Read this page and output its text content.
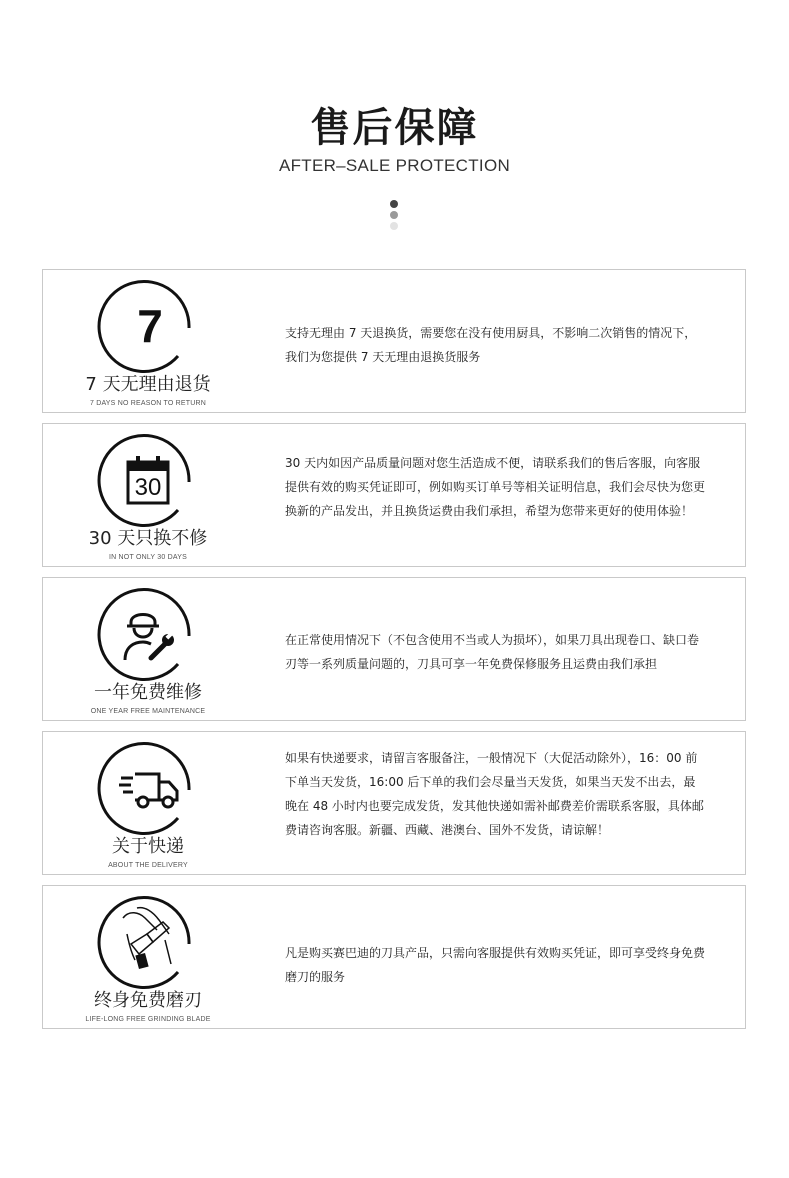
售后保障
AFTER–SALE PROTECTION
7
7 天无理由退货
7 DAYS NO REASON TO RETURN
支持无理由 7 天退换货，需要您在没有使用厨具，不影响二次销售的情况下，我们为您提供 7 天无理由退换货服务
30
30 天只换不修
IN NOT ONLY 30 DAYS
30 天内如因产品质量问题对您生活造成不便，请联系我们的售后客服，向客服提供有效的购买凭证即可，例如购买订单号等相关证明信息，我们会尽快为您更换新的产品发出，并且换货运费由我们承担，希望为您带来更好的使用体验！
一年免费维修
ONE YEAR FREE MAINTENANCE
在正常使用情况下（不包含使用不当或人为损坏），如果刀具出现卷口、缺口卷刃等一系列质量问题的，刀具可享一年免费保修服务且运费由我们承担
关于快递
ABOUT THE DELIVERY
如果有快递要求，请留言客服备注，一般情况下（大促活动除外），16：00 前下单当天发货，16:00 后下单的我们会尽量当天发货，如果当天发不出去，最晚在 48 小时内也要完成发货，发其他快递如需补邮费差价需联系客服，具体邮费请咨询客服。新疆、西藏、港澳台、国外不发货，请谅解！
终身免费磨刃
LIFE-LONG FREE GRINDING BLADE
凡是购买赛巴迪的刀具产品，只需向客服提供有效购买凭证，即可享受终身免费磨刀的服务
